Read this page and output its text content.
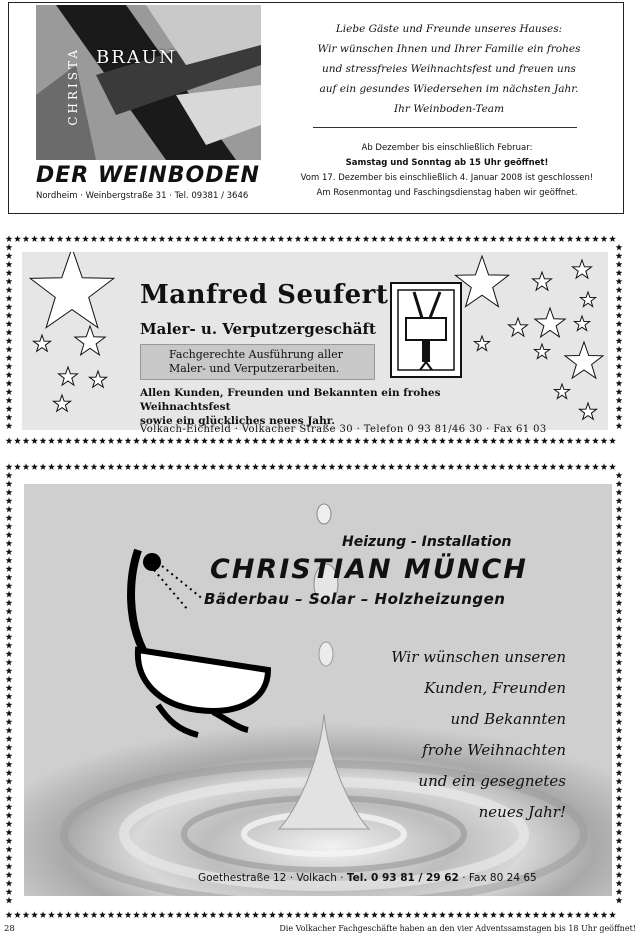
CHRISTA BRAUN
DER WEINBODEN
Nordheim · Weinbergstraße 31 · Tel. 09381 / 3646
Liebe Gäste und Freunde unseres Hauses:
Wir wünschen Ihnen und Ihrer Familie ein frohes
und stressfreies Weihnachtsfest und freuen uns
auf ein gesundes Wiedersehen im nächsten Jahr.
Ihr Weinboden-Team
Ab Dezember bis einschließlich Februar:
Samstag und Sonntag ab 15 Uhr geöffnet!
Vom 17. Dezember bis einschließlich 4. Januar 2008 ist geschlossen!
Am Rosenmontag und Faschingsdienstag haben wir geöffnet.
Manfred Seufert
Maler- u. Verputzergeschäft
Fachgerechte Ausführung aller
Maler- und Verputzerarbeiten.
Allen Kunden, Freunden und Bekannten ein frohes Weihnachtsfest
sowie ein glückliches neues Jahr.
Volkach-Eichfeld · Volkacher Straße 30 · Telefon 0 93 81/46 30 · Fax 61 03
Heizung - Installation
CHRISTIAN MÜNCH
Bäderbau – Solar – Holzheizungen
Wir wünschen unseren
Kunden, Freunden
und Bekannten
frohe Weihnachten
und ein gesegnetes
neues Jahr!
Goethestraße 12 · Volkach · Tel. 0 93 81 / 29 62 · Fax 80 24 65
28	Die Volkacher Fachgeschäfte haben an den vier Adventssamstagen bis 18 Uhr geöffnet!
